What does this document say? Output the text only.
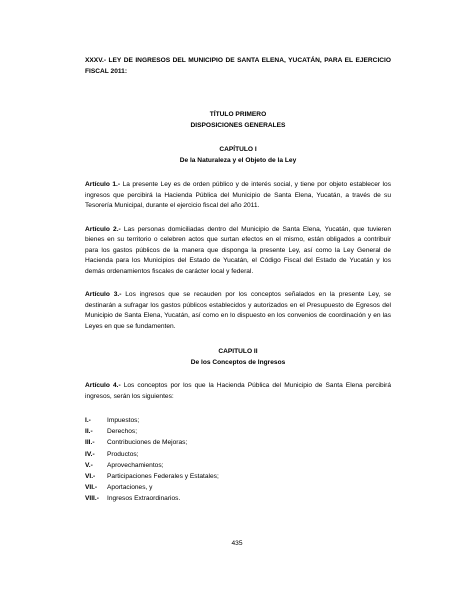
XXXV.- LEY DE INGRESOS DEL MUNICIPIO DE SANTA ELENA, YUCATÁN, PARA EL EJERCICIO FISCAL 2011:

TÍTULO PRIMERO

DISPOSICIONES GENERALES

CAPÍTULO I

De la Naturaleza y el Objeto de la Ley

Artículo 1.- La presente Ley es de orden público y de interés social, y tiene por objeto establecer los ingresos que percibirá la Hacienda Pública del Municipio de Santa Elena, Yucatán, a través de su Tesorería Municipal, durante el ejercicio fiscal del año 2011.

Artículo 2.- Las personas domiciliadas dentro del Municipio de Santa Elena, Yucatán, que tuvieren bienes en su territorio o celebren actos que surtan efectos en el mismo, están obligados a contribuir para los gastos públicos de la manera que disponga la presente Ley, así como la Ley General de Hacienda para los Municipios del Estado de Yucatán, el Código Fiscal del Estado de Yucatán y los demás ordenamientos fiscales de carácter local y federal.

Artículo 3.- Los ingresos que se recauden por los conceptos señalados en la presente Ley, se destinarán a sufragar los gastos públicos establecidos y autorizados en el Presupuesto de Egresos del Municipio de Santa Elena, Yucatán, así como en lo dispuesto en los convenios de coordinación y en las Leyes en que se fundamenten.

CAPITULO II

De los Conceptos de Ingresos

Artículo 4.- Los conceptos por los que la Hacienda Pública del Municipio de Santa Elena percibirá ingresos, serán los siguientes:

I.- Impuestos;
II.- Derechos;
III.- Contribuciones de Mejoras;
IV.- Productos;
V.- Aprovechamientos;
VI.- Participaciones Federales y Estatales;
VII.- Aportaciones, y
VIII.- Ingresos Extraordinarios.
435
